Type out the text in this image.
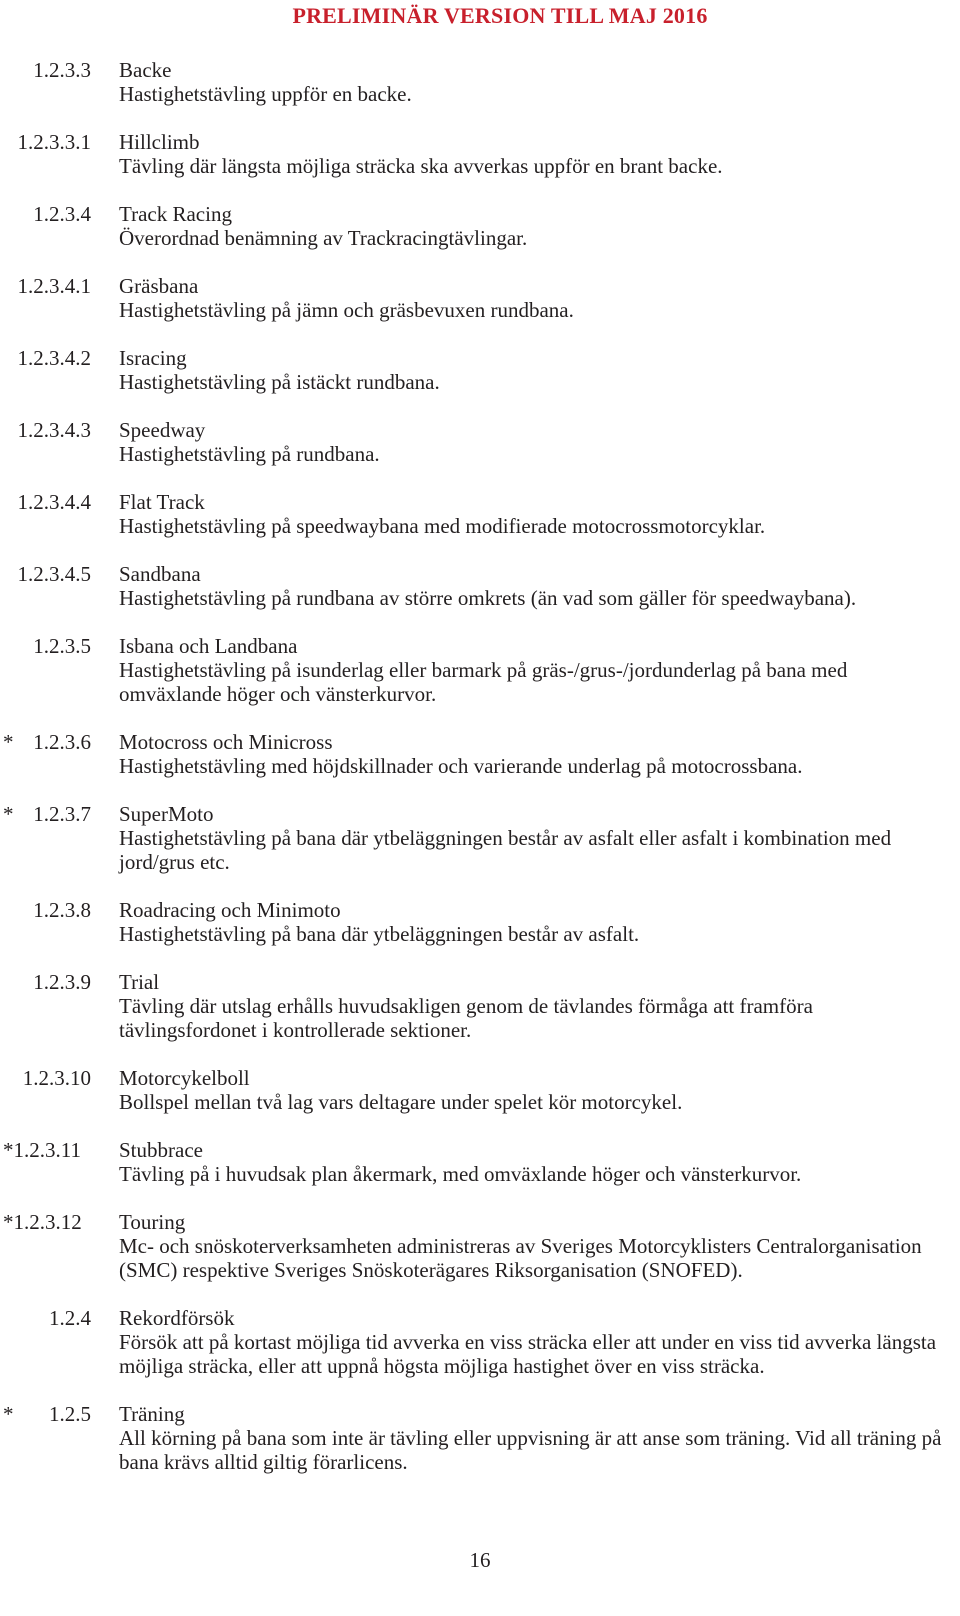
PRELIMINÄR VERSION TILL MAJ 2016
1.2.3.3 Backe
Hastighetstävling uppför en backe.
1.2.3.3.1 Hillclimb
Tävling där längsta möjliga sträcka ska avverkas uppför en brant backe.
1.2.3.4 Track Racing
Överordnad benämning av Trackracingtävlingar.
1.2.3.4.1 Gräsbana
Hastighetstävling på jämn och gräsbevuxen rundbana.
1.2.3.4.2 Isracing
Hastighetstävling på istäckt rundbana.
1.2.3.4.3 Speedway
Hastighetstävling på rundbana.
1.2.3.4.4 Flat Track
Hastighetstävling på speedwaybana med modifierade motocrossmotorcyklar.
1.2.3.4.5 Sandbana
Hastighetstävling på rundbana av större omkrets (än vad som gäller för speedwaybana).
1.2.3.5 Isbana och Landbana
Hastighetstävling på isunderlag eller barmark på gräs-/grus-/jordunderlag på bana med omväxlande höger och vänsterkurvor.
* 1.2.3.6 Motocross och Minicross
Hastighetstävling med höjdskillnader och varierande underlag på motocrossbana.
* 1.2.3.7 SuperMoto
Hastighetstävling på bana där ytbeläggningen består av asfalt eller asfalt i kombination med jord/grus etc.
1.2.3.8 Roadracing och Minimoto
Hastighetstävling på bana där ytbeläggningen består av asfalt.
1.2.3.9 Trial
Tävling där utslag erhålls huvudsakligen genom de tävlandes förmåga att framföra tävlingsfordonet i kontrollerade sektioner.
1.2.3.10 Motorcykelboll
Bollspel mellan två lag vars deltagare under spelet kör motorcykel.
*1.2.3.11 Stubbrace
Tävling på i huvudsak plan åkermark, med omväxlande höger och vänsterkurvor.
*1.2.3.12 Touring
Mc- och snöskoterverksamheten administreras av Sveriges Motorcyklisters Centralorganisation (SMC) respektive Sveriges Snöskoterägares Riksorganisation (SNOFED).
1.2.4 Rekordförsök
Försök att på kortast möjliga tid avverka en viss sträcka eller att under en viss tid avverka längsta möjliga sträcka, eller att uppnå högsta möjliga hastighet över en viss sträcka.
* 1.2.5 Träning
All körning på bana som inte är tävling eller uppvisning är att anse som träning. Vid all träning på bana krävs alltid giltig förarlicens.
16
